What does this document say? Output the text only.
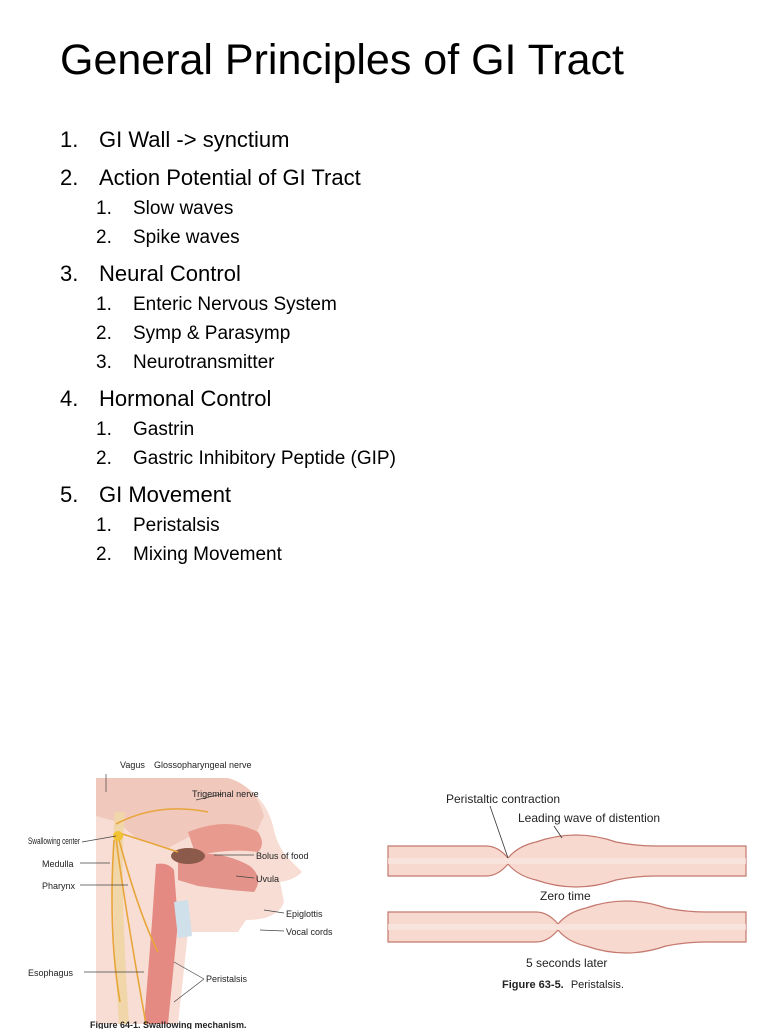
General Principles of GI Tract
1. GI Wall -> synctium
2. Action Potential of GI Tract
1. Slow waves
2. Spike waves
3. Neural Control
1. Enteric Nervous System
2. Symp & Parasymp
3. Neurotransmitter
4. Hormonal Control
1. Gastrin
2. Gastric Inhibitory Peptide (GIP)
5. GI Movement
1. Peristalsis
2. Mixing Movement
Vagus Glossopharyngeal nerve
Trigeminal nerve
Swallowing center
Medulla
Pharynx
Bolus of food
Uvula
Epiglottis
Vocal cords
Esophagus
Peristalsis
Figure 64-1. Swallowing mechanism.
Peristaltic contraction
Leading wave of distention
Zero time
5 seconds later
Figure 63-5. Peristalsis.
